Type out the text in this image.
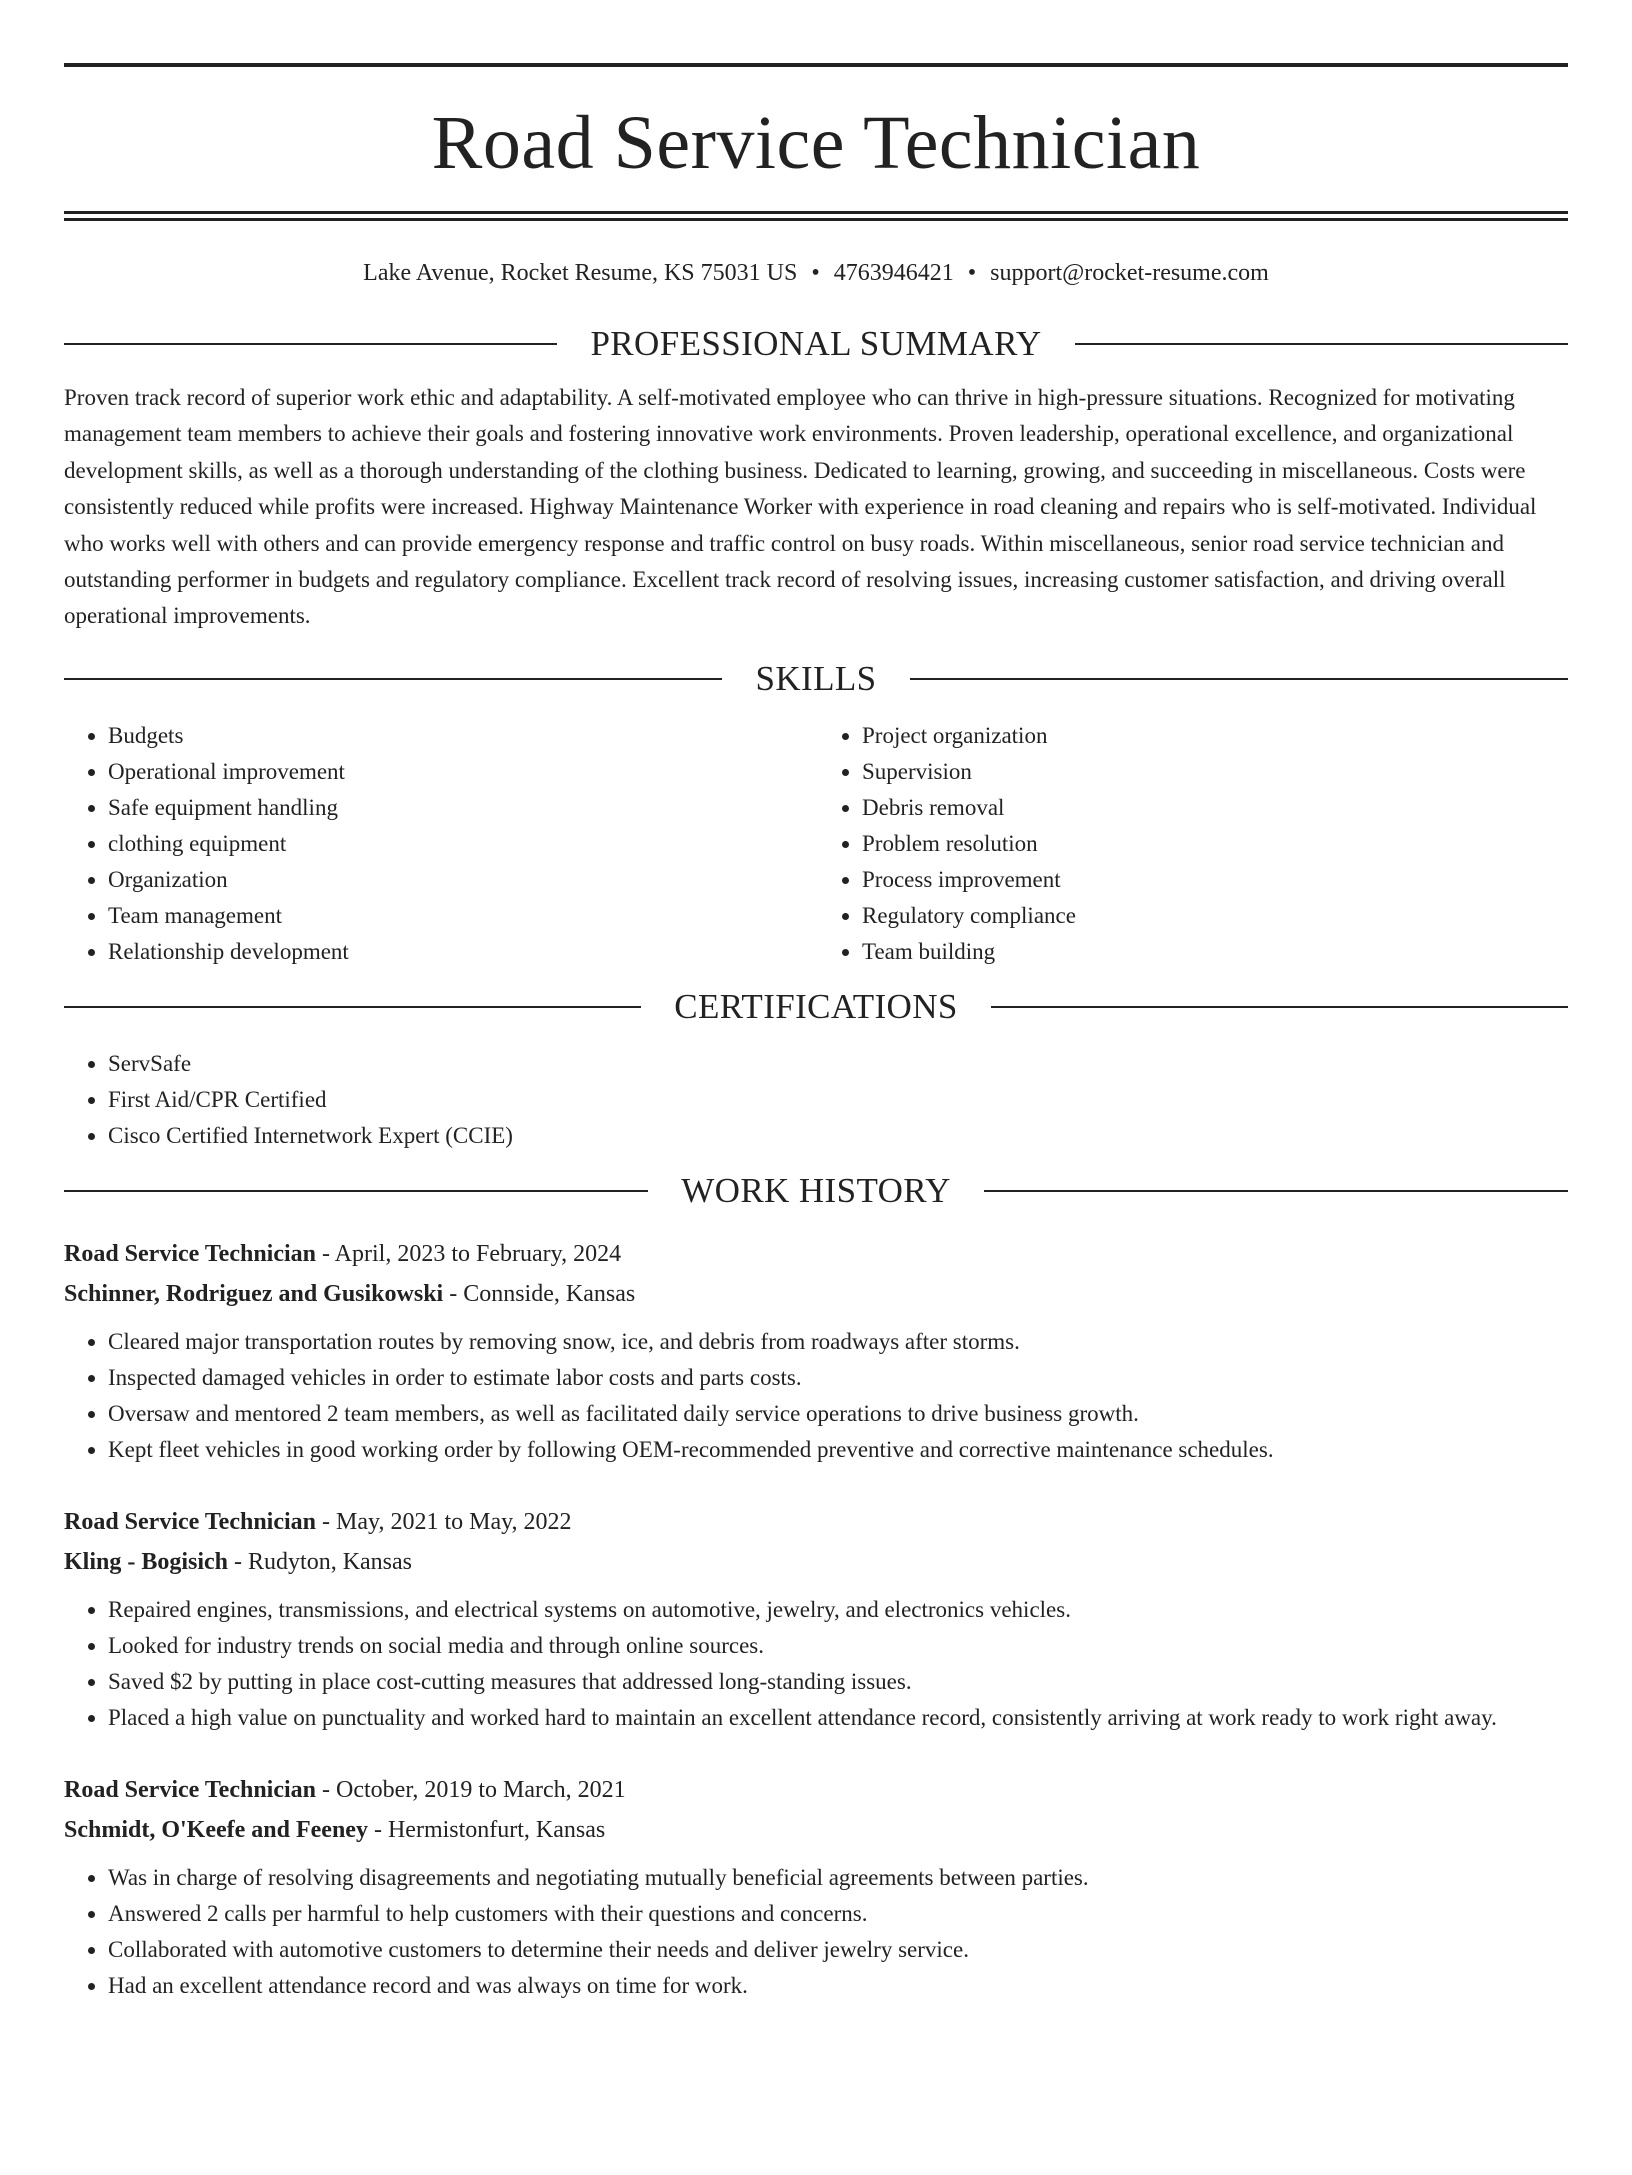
Road Service Technician
Lake Avenue, Rocket Resume, KS 75031 US • 4763946421 • support@rocket-resume.com
PROFESSIONAL SUMMARY

Proven track record of superior work ethic and adaptability. A self-motivated employee who can thrive in high-pressure situations. Recognized for motivating management team members to achieve their goals and fostering innovative work environments. Proven leadership, operational excellence, and organizational development skills, as well as a thorough understanding of the clothing business. Dedicated to learning, growing, and succeeding in miscellaneous. Costs were consistently reduced while profits were increased. Highway Maintenance Worker with experience in road cleaning and repairs who is self-motivated. Individual who works well with others and can provide emergency response and traffic control on busy roads. Within miscellaneous, senior road service technician and outstanding performer in budgets and regulatory compliance. Excellent track record of resolving issues, increasing customer satisfaction, and driving overall operational improvements.

SKILLS
• Budgets
• Operational improvement
• Safe equipment handling
• clothing equipment
• Organization
• Team management
• Relationship development
• Project organization
• Supervision
• Debris removal
• Problem resolution
• Process improvement
• Regulatory compliance
• Team building
CERTIFICATIONS
• ServSafe
• First Aid/CPR Certified
• Cisco Certified Internetwork Expert (CCIE)
WORK HISTORY
Road Service Technician - April, 2023 to February, 2024
Schinner, Rodriguez and Gusikowski - Connside, Kansas
• Cleared major transportation routes by removing snow, ice, and debris from roadways after storms.
• Inspected damaged vehicles in order to estimate labor costs and parts costs.
• Oversaw and mentored 2 team members, as well as facilitated daily service operations to drive business growth.
• Kept fleet vehicles in good working order by following OEM-recommended preventive and corrective maintenance schedules.
Road Service Technician - May, 2021 to May, 2022
Kling - Bogisich - Rudyton, Kansas
• Repaired engines, transmissions, and electrical systems on automotive, jewelry, and electronics vehicles.
• Looked for industry trends on social media and through online sources.
• Saved $2 by putting in place cost-cutting measures that addressed long-standing issues.
• Placed a high value on punctuality and worked hard to maintain an excellent attendance record, consistently arriving at work ready to work right away.
Road Service Technician - October, 2019 to March, 2021
Schmidt, O'Keefe and Feeney - Hermistonfurt, Kansas
• Was in charge of resolving disagreements and negotiating mutually beneficial agreements between parties.
• Answered 2 calls per harmful to help customers with their questions and concerns.
• Collaborated with automotive customers to determine their needs and deliver jewelry service.
• Had an excellent attendance record and was always on time for work.
